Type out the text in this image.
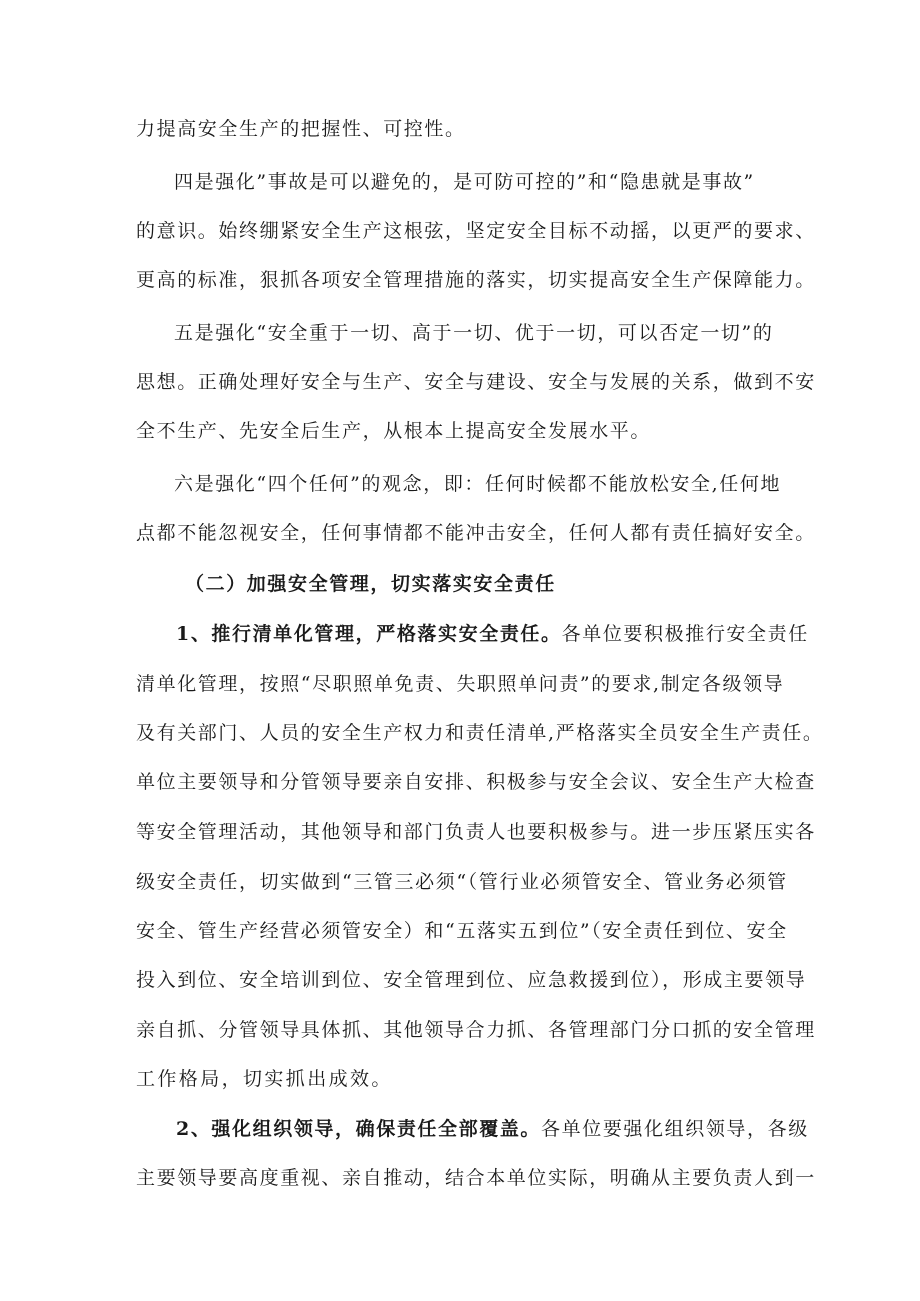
力提高安全生产的把握性、可控性。
四是强化”事故是可以避免的，是可防可控的”和“隐患就是事故”
的意识。始终绷紧安全生产这根弦，坚定安全目标不动摇，以更严的要求、
更高的标准，狠抓各项安全管理措施的落实，切实提高安全生产保障能力。
五是强化“安全重于一切、高于一切、优于一切，可以否定一切”的
思想。正确处理好安全与生产、安全与建设、安全与发展的关系，做到不安
全不生产、先安全后生产，从根本上提高安全发展水平。
六是强化“四个任何”的观念，即：任何时候都不能放松安全,任何地
点都不能忽视安全，任何事情都不能冲击安全，任何人都有责任搞好安全。
（二）加强安全管理，切实落实安全责任
1、推行清单化管理，严格落实安全责任。各单位要积极推行安全责任
清单化管理，按照“尽职照单免责、失职照单问责”的要求,制定各级领导
及有关部门、人员的安全生产权力和责任清单,严格落实全员安全生产责任。
单位主要领导和分管领导要亲自安排、积极参与安全会议、安全生产大检查
等安全管理活动，其他领导和部门负责人也要积极参与。进一步压紧压实各
级安全责任，切实做到“三管三必须“（管行业必须管安全、管业务必须管
安全、管生产经营必须管安全）和“五落实五到位”（安全责任到位、安全
投入到位、安全培训到位、安全管理到位、应急救援到位），形成主要领导
亲自抓、分管领导具体抓、其他领导合力抓、各管理部门分口抓的安全管理
工作格局，切实抓出成效。
2、强化组织领导，确保责任全部覆盖。各单位要强化组织领导，各级
主要领导要高度重视、亲自推动，结合本单位实际，明确从主要负责人到一
